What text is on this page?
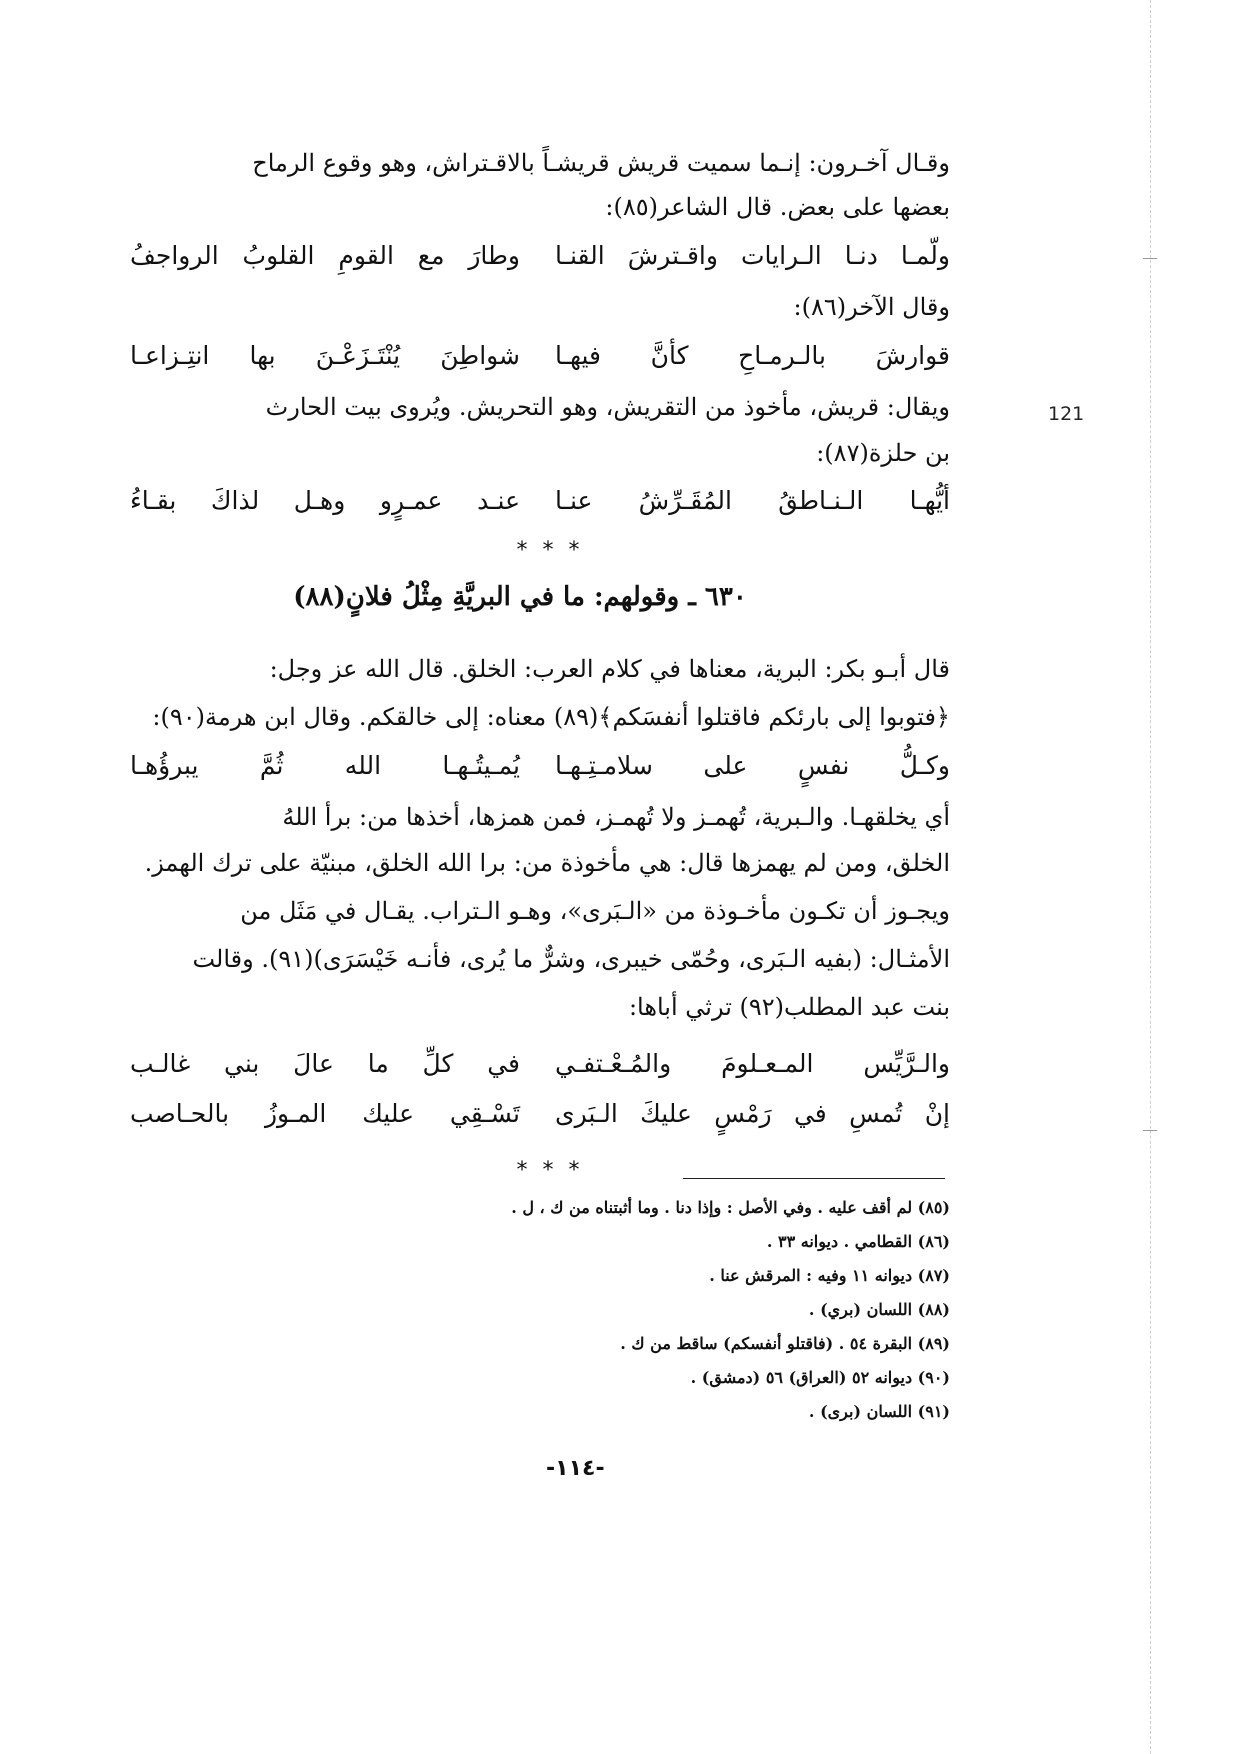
121
وقـال آخـرون: إنـما سميت قريش قريشـاً بالاقـتراش، وهو وقوع الرماح
بعضها على بعض. قال الشاعر(٨٥):
ولّمـا دنـا الـرايات واقـترشَ القنـا
وطارَ مع القومِ القلوبُ الرواجفُ
وقال الآخر(٨٦):
قوارشَ بالـرمـاحِ كأنَّ فيهـا
شواطِنَ يُنْتَـزَعْـنَ بها انتِـزاعـا
ويقال: قريش، مأخوذ من التقريش، وهو التحريش. ويُروى بيت الحارث
بن حلزة(٨٧):
أيُّهـا الـنـاطقُ المُقَـرِّشُ عنـا
عنـد عمـرٍو وهـل لذاكَ بقـاءُ
* * *
٦٣٠ ـ وقولهم: ما في البريَّةِ مِثْلُ فلانٍ(٨٨)
قال أبـو بكر: البرية، معناها في كلام العرب: الخلق. قال الله عز وجل:
﴿فتوبوا إلى بارئكم فاقتلوا أنفسَكم﴾(٨٩) معناه: إلى خالقكم. وقال ابن هرمة(٩٠):
وكـلُّ نفسٍ على سلامـتِـهـا
يُمـيتُـهـا الله ثُمَّ يبرؤُهـا
أي يخلقهـا. والـبرية، تُهمـز ولا تُهمـز، فمن همزها، أخذها من: برأ اللهُ
الخلق، ومن لم يهمزها قال: هي مأخوذة من: برا الله الخلق، مبنيّة على ترك الهمز.
ويجـوز أن تكـون مأخـوذة من «الـبَرى»، وهـو الـتراب. يقـال في مَثَل من
الأمثـال: (بفيه الـبَرى، وحُمّى خيبرى، وشرٌّ ما يُرى، فأنـه خَيْسَرَى)(٩١). وقالت
بنت عبد المطلب(٩٢) ترثي أباها:
والـرَّيِّس المـعـلومَ والمُـعْـتفـي
في كلِّ ما عالَ بني غالـب
إنْ تُمسِ في رَمْسٍ عليكَ الـبَرى
تَسْـقِي عليك المـوزُ بالحـاصب
* * *
(٨٥) لم أقف عليه . وفي الأصل : وإذا دنا . وما أثبتناه من ك ، ل .
(٨٦) القطامي . ديوانه ٣٣ .
(٨٧) ديوانه ١١ وفيه : المرقش عنا .
(٨٨) اللسان (بري) .
(٨٩) البقرة ٥٤ . (فاقتلو أنفسكم) ساقط من ك .
(٩٠) ديوانه ٥٢ (العراق) ٥٦ (دمشق) .
(٩١) اللسان (برى) .
-١١٤-
